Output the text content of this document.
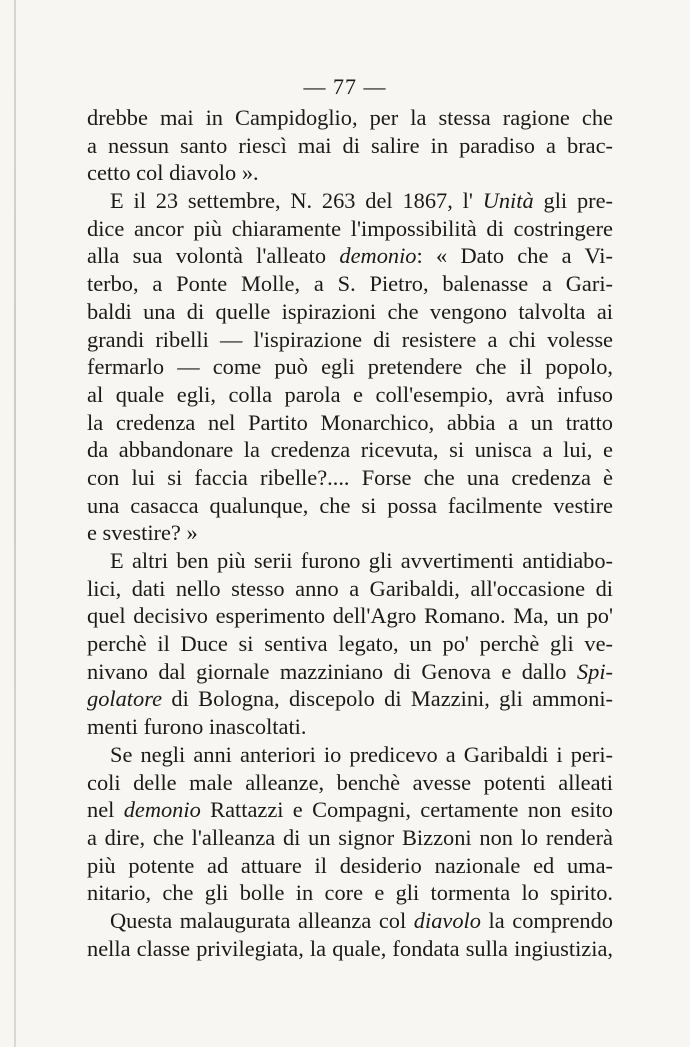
— 77 —
drebbe mai in Campidoglio, per la stessa ragione che
a nessun santo riescì mai di salire in paradiso a brac-
cetto col diavolo ».
E il 23 settembre, N. 263 del 1867, l' Unità gli pre-
dice ancor più chiaramente l'impossibilità di costringere
alla sua volontà l'alleato demonio: « Dato che a Vi-
terbo, a Ponte Molle, a S. Pietro, balenasse a Gari-
baldi una di quelle ispirazioni che vengono talvolta ai
grandi ribelli — l'ispirazione di resistere a chi volesse
fermarlo — come può egli pretendere che il popolo,
al quale egli, colla parola e coll'esempio, avrà infuso
la credenza nel Partito Monarchico, abbia a un tratto
da abbandonare la credenza ricevuta, si unisca a lui, e
con lui si faccia ribelle?.... Forse che una credenza è
una casacca qualunque, che si possa facilmente vestire
e svestire? »
E altri ben più serii furono gli avvertimenti antidiabo-
lici, dati nello stesso anno a Garibaldi, all'occasione di
quel decisivo esperimento dell'Agro Romano. Ma, un po'
perchè il Duce si sentiva legato, un po' perchè gli ve-
nivano dal giornale mazziniano di Genova e dallo Spi-
golatore di Bologna, discepolo di Mazzini, gli ammoni-
menti furono inascoltati.
Se negli anni anteriori io predicevo a Garibaldi i peri-
coli delle male alleanze, benchè avesse potenti alleati
nel demonio Rattazzi e Compagni, certamente non esito
a dire, che l'alleanza di un signor Bizzoni non lo renderà
più potente ad attuare il desiderio nazionale ed uma-
nitario, che gli bolle in core e gli tormenta lo spirito.
Questa malaugurata alleanza col diavolo la comprendo
nella classe privilegiata, la quale, fondata sulla ingiustizia,
